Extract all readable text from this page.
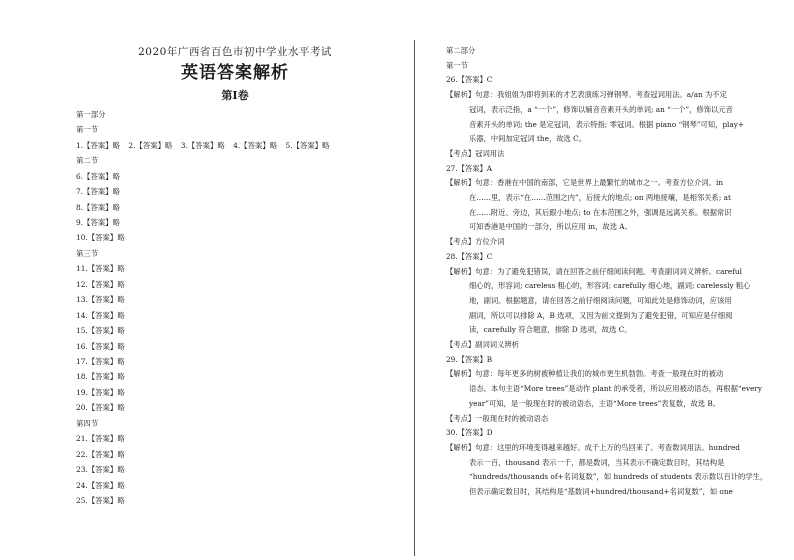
2020年广西省百色市初中学业水平考试
英语答案解析
第Ⅰ卷
第一部分
第一节
1.【答案】略 2.【答案】略 3.【答案】略 4.【答案】略 5.【答案】略
第二节
6.【答案】略
7.【答案】略
8.【答案】略
9.【答案】略
10.【答案】略
第三节
11.【答案】略
12.【答案】略
13.【答案】略
14.【答案】略
15.【答案】略
16.【答案】略
17.【答案】略
18.【答案】略
19.【答案】略
20.【答案】略
第四节
21.【答案】略
22.【答案】略
23.【答案】略
24.【答案】略
25.【答案】略
第二部分
第一节
26.【答案】C
【解析】句意：我姐姐为即将到来的才艺表演练习弹钢琴。考查冠词用法。a/an 为不定
冠词，表示泛指，a “一个”，修饰以辅音音素开头的单词; an “一个”，修饰以元音
音素开头的单词; the 是定冠词，表示特指; 零冠词。根据 piano “钢琴”可知，play+
乐器，中间加定冠词 the，故选 C。
【考点】冠词用法
27.【答案】A
【解析】句意：香港在中国的南部，它是世界上最繁忙的城市之一。考查方位介词。in
在……里，表示“在……范围之内”，后接大的地点; on 两地接壤，是相邻关系; at
在……附近、旁边，其后跟小地点; to 在本范围之外，强调是远离关系。根据常识
可知香港是中国的一部分，所以应用 in，故选 A。
【考点】方位介词
28.【答案】C
【解析】句意：为了避免犯错误，请在回答之前仔细阅读问题。考查副词词义辨析。careful
细心的，形容词; careless 粗心的，形容词; carefully 细心地，副词; carelessly 粗心
地，副词。根据题意，请在回答之前仔细阅读问题，可知此处是修饰动词，应该用
副词，所以可以排除 A，B 选项，又因为前文提到为了避免犯错，可知应是仔细阅
读，carefully 符合题意，排除 D 选项，故选 C。
【考点】副词词义辨析
29.【答案】B
【解析】句意：每年更多的树被种植让我们的城市更生机勃勃。考查一般现在时的被动
语态。本句主语“More trees”是动作 plant 的承受者，所以应用被动语态，再根据“every
year”可知，是一般现在时的被动语态，主语“More trees”表复数，故选 B。
【考点】一般现在时的被动语态
30.【答案】D
【解析】句意：这里的环境变得越来越好。成千上万的鸟回来了。考查数词用法。hundred
表示一百，thousand 表示一千，都是数词，当其表示不确定数目时，其结构是
“hundreds/thousands of+名词复数”，如 hundreds of students 表示数以百计的学生，
但表示确定数目时，其结构是“基数词+hundred/thousand+名词复数”，如 one
